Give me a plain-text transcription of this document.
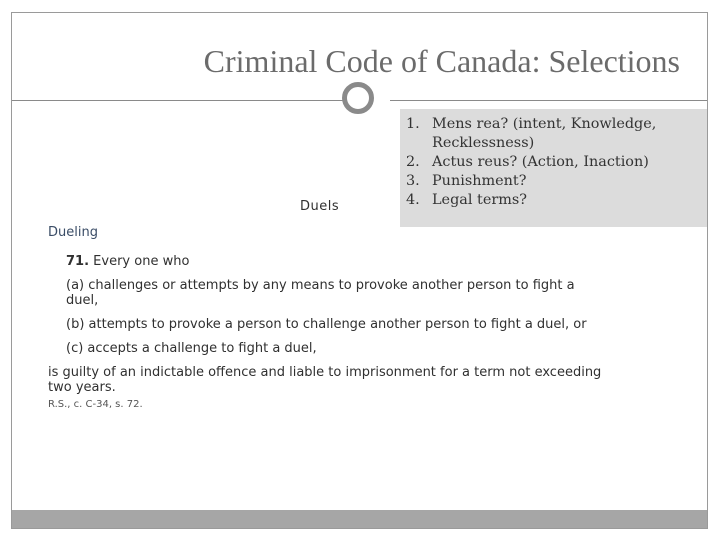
Criminal Code of Canada: Selections
Duels
Dueling
71. Every one who
(a) challenges or attempts by any means to provoke another person to fight a
duel,
(b) attempts to provoke a person to challenge another person to fight a duel, or
(c) accepts a challenge to fight a duel,
is guilty of an indictable offence and liable to imprisonment for a term not exceeding
two years.
R.S., c. C-34, s. 72.
1. Mens rea? (intent, Knowledge, Recklessness)
2. Actus reus? (Action, Inaction)
3. Punishment?
4. Legal terms?
